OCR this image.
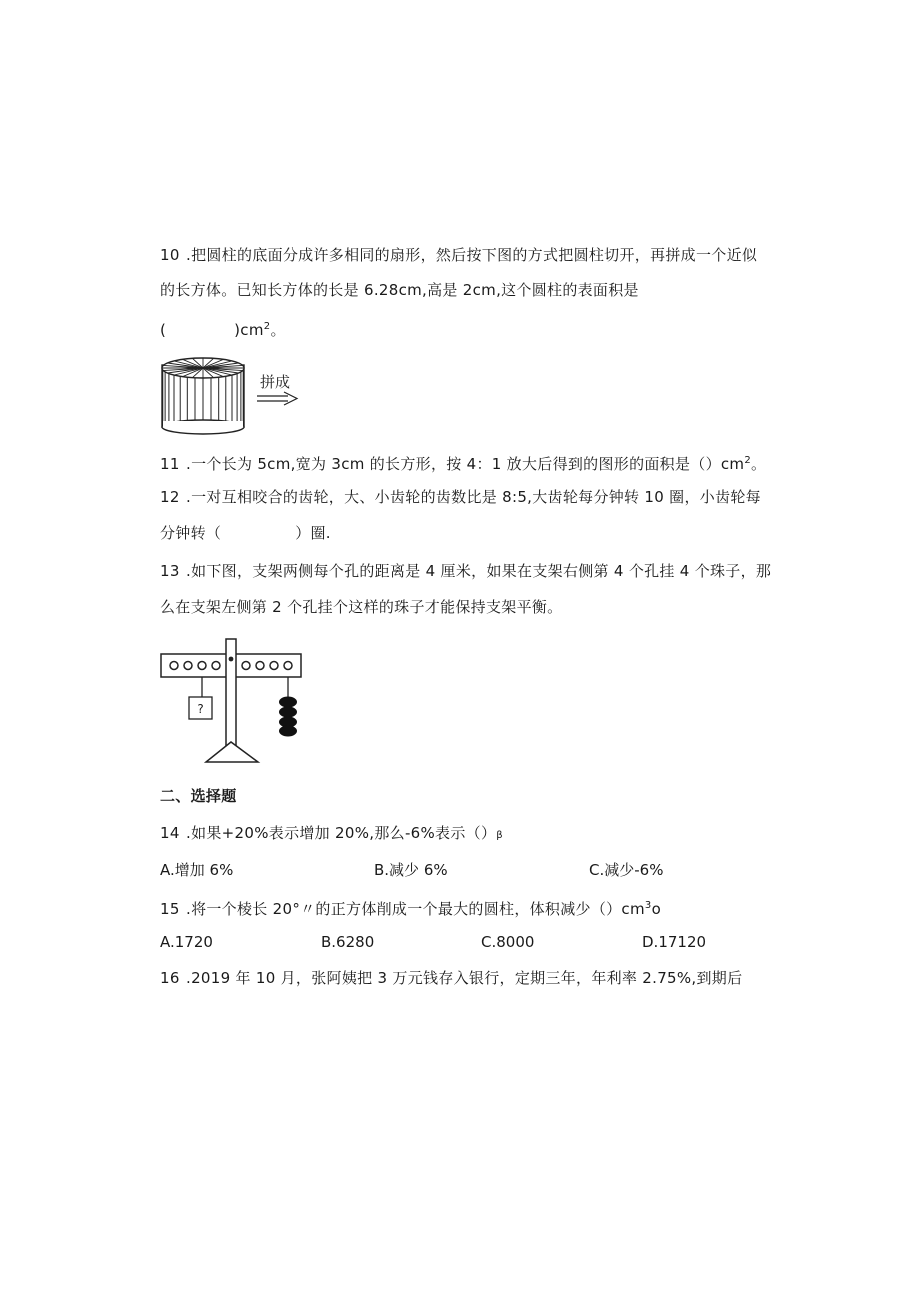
10 .把圆柱的底面分成许多相同的扇形，然后按下图的方式把圆柱切开，再拼成一个近似
的长方体。已知长方体的长是 6.28cm,高是 2cm,这个圆柱的表面积是
(	)$cm^2$。
拼成
11 .一个长为 5cm,宽为 3cm 的长方形，按 4：1 放大后得到的图形的面积是$()cm^2$。
12 .一对互相咬合的齿轮，大、小齿轮的齿数比是 8:5,大齿轮每分钟转 10 圈，小齿轮每
分钟转（	）圈.
13 .如下图，支架两侧每个孔的距离是 4 厘米，如果在支架右侧第 4 个孔挂 4 个珠子，那
么在支架左侧第 2 个孔挂个这样的珠子才能保持支架平衡。
?
二、选择题
14 .如果+20%表示增加 20%,那么-6%表示（）β
A.增加 6%	B.减少 6%	C.减少-6%
15 .将一个棱长 20°〃的正方体削成一个最大的圆柱，体积减少$()cm^3o$
A.1720	B.6280	C.8000	D.17120
16 .2019 年 10 月，张阿姨把 3 万元钱存入银行，定期三年，年利率 2.75%,到期后
